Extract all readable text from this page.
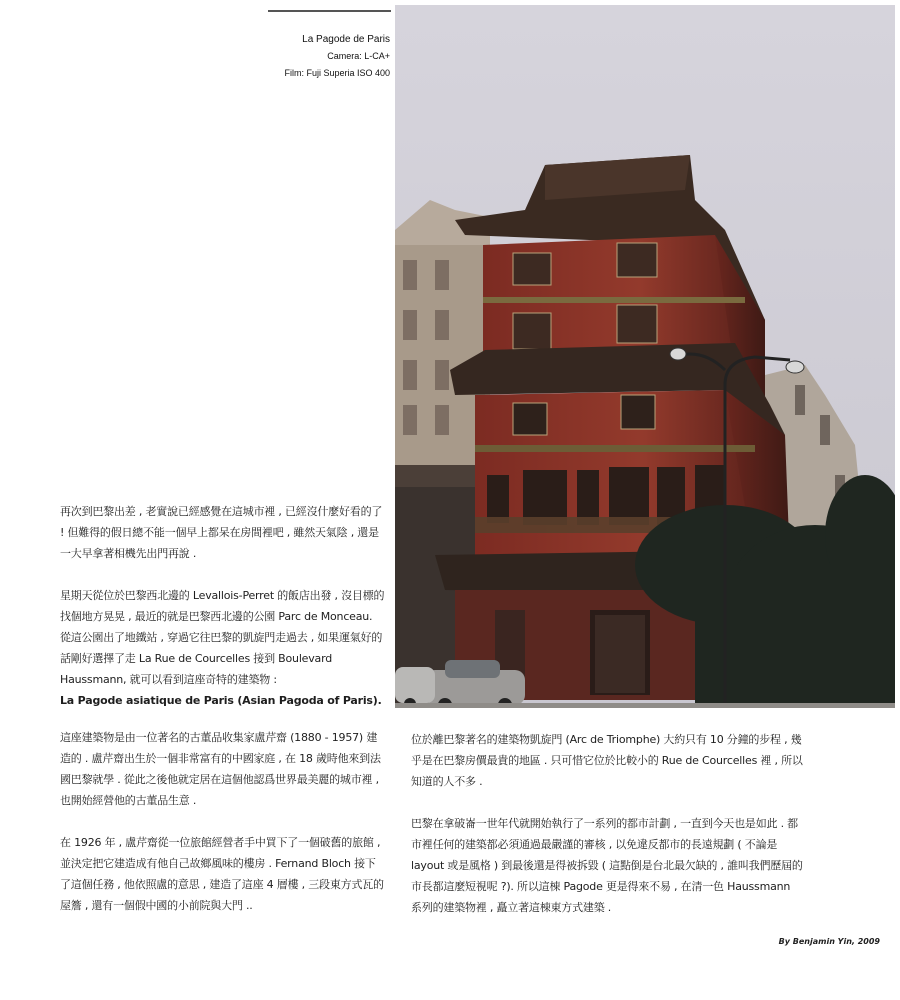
La Pagode de Paris
Camera: L-CA+
Film: Fuji Superia ISO 400

再次到巴黎出差 , 老實說已經感覺在這城市裡 , 已經沒什麼好看的了 ! 但難得的假日總不能一個早上都呆在房間裡吧 , 雖然天氣陰 , 還是一大早拿著相機先出門再說 .

星期天從位於巴黎西北邊的 Levallois-Perret 的飯店出發 , 沒目標的找個地方晃晃 , 最近的就是巴黎西北邊的公園 Parc de Monceau. 從這公園出了地鐵站 , 穿過它往巴黎的凱旋門走過去 , 如果運氣好的話剛好選擇了走 La Rue de Courcelles 接到 Boulevard Haussmann, 就可以看到這座奇特的建築物 :

La Pagode asiatique de Paris (Asian Pagoda of Paris).

這座建築物是由一位著名的古董品收集家盧芹齋 (1880 - 1957) 建造的 . 盧芹齋出生於一個非常富有的中國家庭 , 在 18 歲時他來到法國巴黎就學 . 從此之後他就定居在這個他認爲世界最美麗的城市裡 , 也開始經營他的古董品生意 .

在 1926 年 , 盧芹齋從一位旅館經營者手中買下了一個破舊的旅館 , 並決定把它建造成有他自己故鄉風味的樓房 . Fernand Bloch 接下了這個任務 , 他依照盧的意思 , 建造了這座 4 層樓 , 三段東方式瓦的屋簷 , 還有一個假中國的小前院與大門 ..

位於離巴黎著名的建築物凱旋門 (Arc de Triomphe) 大約只有 10 分鐘的步程 , 幾乎是在巴黎房價最貴的地區 . 只可惜它位於比較小的 Rue de Courcelles 裡 , 所以知道的人不多 .

巴黎在拿破崙一世年代就開始執行了一系列的都市計劃 , 一直到今天也是如此 . 都市裡任何的建築都必須通過最嚴謹的審核 , 以免違反都市的長遠規劃 ( 不論是 layout 或是風格 ) 到最後還是得被拆毀 ( 這點倒是台北最欠缺的 , 誰叫我們歷屆的市長都這麼短視呢 ?). 所以這棟 Pagode 更是得來不易 , 在清一色 Haussmann 系列的建築物裡 , 矗立著這棟東方式建築 .

By Benjamin Yin, 2009
